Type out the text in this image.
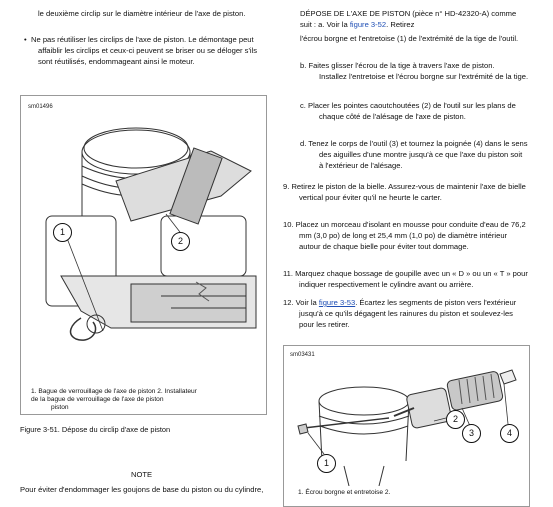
le deuxième circlip sur le diamètre intérieur de l'axe de piston.
• Ne pas réutiliser les circlips de l'axe de piston. Le démontage peut
affaiblir les circlips et ceux-ci peuvent se briser ou se déloger s'ils
sont réutilisés, endommageant ainsi le moteur.
sm01496
1
2
1. Bague de verrouillage de l'axe de piston 2. Installateur
de la bague de verrouillage de l'axe de piston
piston
Figure 3-51. Dépose du circlip d'axe de piston
NOTE
Pour éviter d'endommager les goujons de base du piston ou du cylindre,
DÉPOSE DE L'AXE DE PISTON (pièce n° HD-42320-A) comme
suit : a. Voir la figure 3-52. Retirez
l'écrou borgne et l'entretoise (1) de l'extrémité de la tige de l'outil.
b. Faites glisser l'écrou de la tige à travers l'axe de piston.
Installez l'entretoise et l'écrou borgne sur l'extrémité de la tige.
c. Placer les pointes caoutchoutées (2) de l'outil sur les plans de
chaque côté de l'alésage de l'axe de piston.
d. Tenez le corps de l'outil (3) et tournez la poignée (4) dans le sens
des aiguilles d'une montre jusqu'à ce que l'axe du piston soit
à l'extérieur de l'alésage.
9. Retirez le piston de la bielle. Assurez-vous de maintenir l'axe de bielle
vertical pour éviter qu'il ne heurte le carter.
10. Placez un morceau d'isolant en mousse pour conduite d'eau de 76,2
mm (3,0 po) de long et 25,4 mm (1,0 po) de diamètre intérieur
autour de chaque bielle pour éviter tout dommage.
11. Marquez chaque bossage de goupille avec un « D » ou un « T » pour
indiquer respectivement le cylindre avant ou arrière.
12. Voir la figure 3-53. Écartez les segments de piston vers l'extérieur
jusqu'à ce qu'ils dégagent les rainures du piston et soulevez-les
pour les retirer.
sm03431
1
2
3	4
1. Écrou borgne et entretoise 2.
